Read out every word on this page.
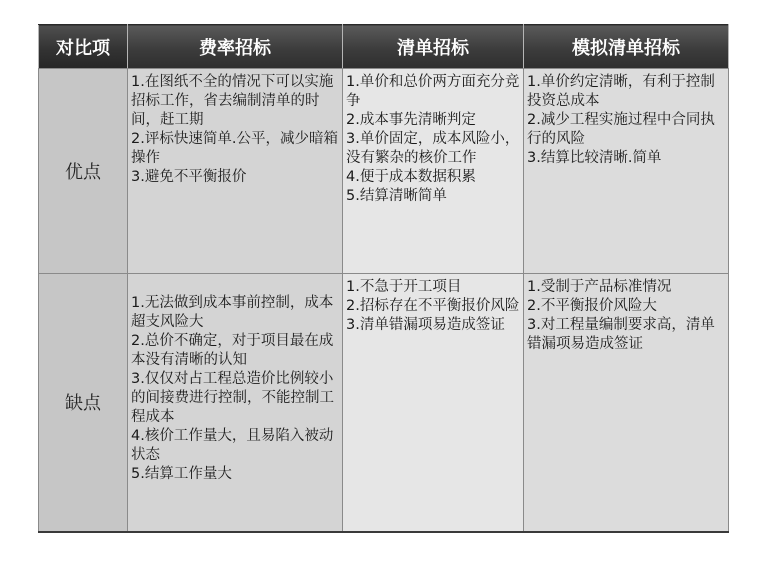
对比项	费率招标	清单招标	模拟清单招标
优点	1.在图纸不全的情况下可以实施招标工作，省去编制清单的时间，赶工期
2.评标快速简单.公平，减少暗箱操作
3.避免不平衡报价	1.单价和总价两方面充分竞争
2.成本事先清晰判定
3.单价固定，成本风险小，没有繁杂的核价工作
4.便于成本数据积累
5.结算清晰简单	1.单价约定清晰，有利于控制投资总成本
2.减少工程实施过程中合同执行的风险
3.结算比较清晰.简单

缺点	1.无法做到成本事前控制，成本超支风险大
2.总价不确定，对于项目最在成本没有清晰的认知
3.仅仅对占工程总造价比例较小的间接费进行控制，不能控制工程成本
4.核价工作量大，且易陷入被动状态
5.结算工作量大	1.不急于开工项目
2.招标存在不平衡报价风险
3.清单错漏项易造成签证	1.受制于产品标准情况
2.不平衡报价风险大
3.对工程量编制要求高，清单错漏项易造成签证
